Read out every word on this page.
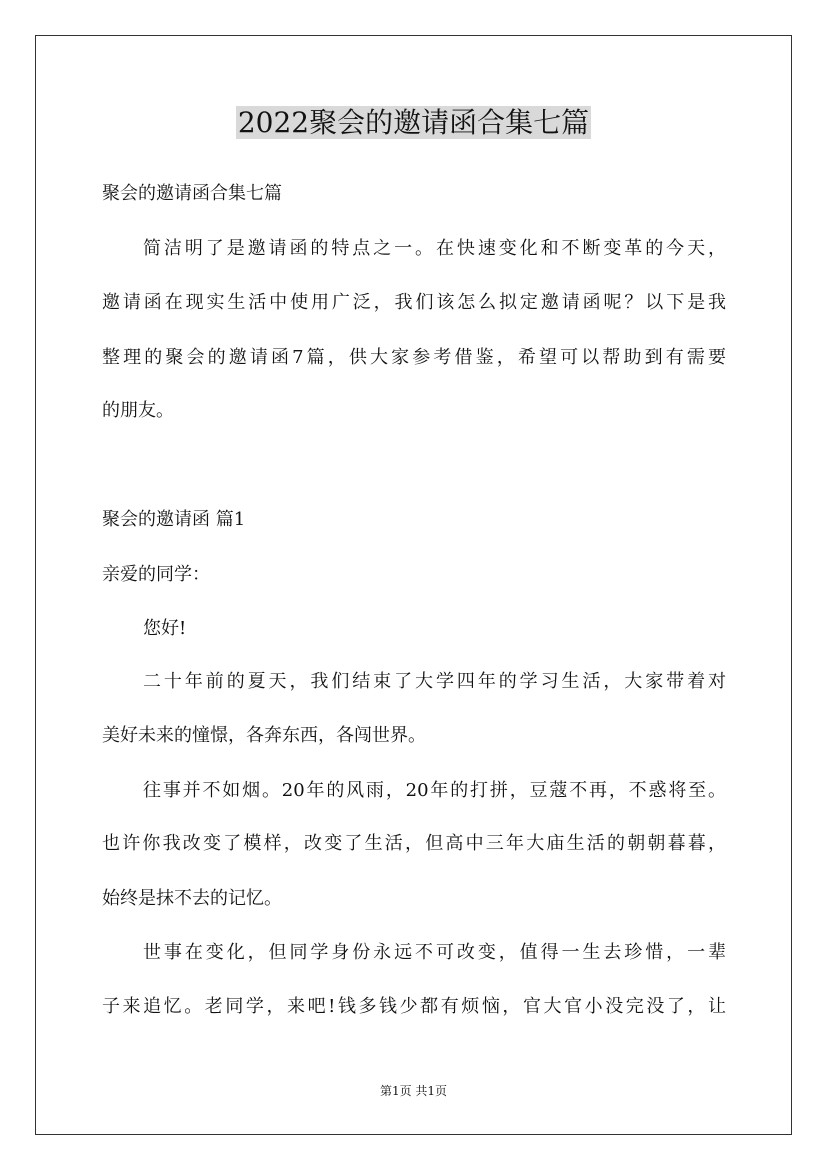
2022聚会的邀请函合集七篇
聚会的邀请函合集七篇
简洁明了是邀请函的特点之一。在快速变化和不断变革的今天，
邀请函在现实生活中使用广泛，我们该怎么拟定邀请函呢？以下是我
整理的聚会的邀请函7篇，供大家参考借鉴，希望可以帮助到有需要
的朋友。
聚会的邀请函 篇1
亲爱的同学：
您好!
二十年前的夏天，我们结束了大学四年的学习生活，大家带着对
美好未来的憧憬，各奔东西，各闯世界。
往事并不如烟。20年的风雨，20年的打拼，豆蔻不再，不惑将至。
也许你我改变了模样，改变了生活，但高中三年大庙生活的朝朝暮暮，
始终是抹不去的记忆。
世事在变化，但同学身份永远不可改变，值得一生去珍惜，一辈
子来追忆。老同学，来吧!钱多钱少都有烦恼，官大官小没完没了，让
第1页 共1页
